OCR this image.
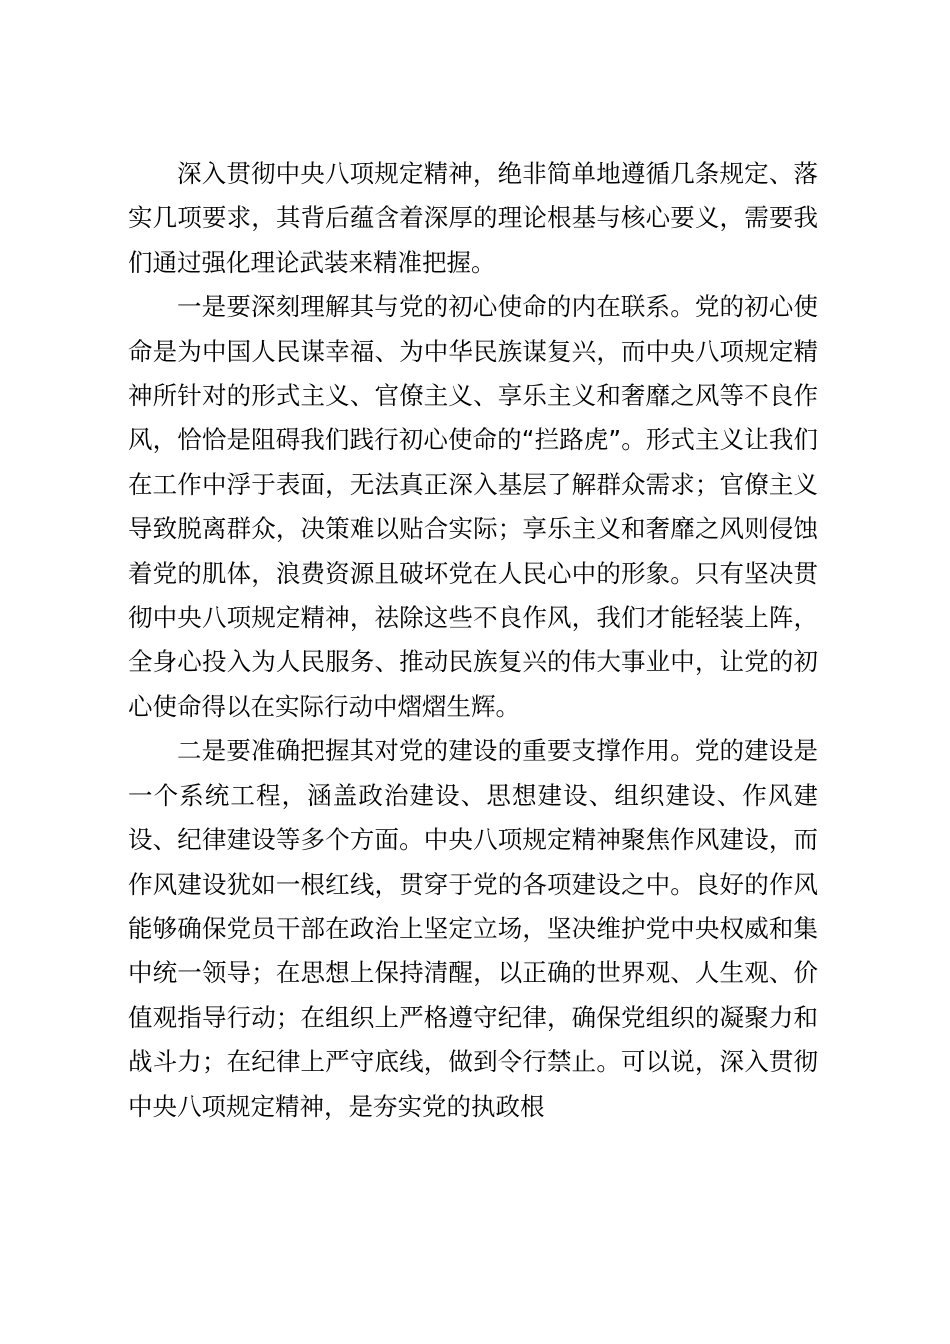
深入贯彻中央八项规定精神，绝非简单地遵循几条规定、落实几项要求，其背后蕴含着深厚的理论根基与核心要义，需要我们通过强化理论武装来精准把握。

一是要深刻理解其与党的初心使命的内在联系。党的初心使命是为中国人民谋幸福、为中华民族谋复兴，而中央八项规定精神所针对的形式主义、官僚主义、享乐主义和奢靡之风等不良作风，恰恰是阻碍我们践行初心使命的“拦路虎”。形式主义让我们在工作中浮于表面，无法真正深入基层了解群众需求；官僚主义导致脱离群众，决策难以贴合实际；享乐主义和奢靡之风则侵蚀着党的肌体，浪费资源且破坏党在人民心中的形象。只有坚决贯彻中央八项规定精神，祛除这些不良作风，我们才能轻装上阵，全身心投入为人民服务、推动民族复兴的伟大事业中，让党的初心使命得以在实际行动中熠熠生辉。

二是要准确把握其对党的建设的重要支撑作用。党的建设是一个系统工程，涵盖政治建设、思想建设、组织建设、作风建设、纪律建设等多个方面。中央八项规定精神聚焦作风建设，而作风建设犹如一根红线，贯穿于党的各项建设之中。良好的作风能够确保党员干部在政治上坚定立场，坚决维护党中央权威和集中统一领导；在思想上保持清醒，以正确的世界观、人生观、价值观指导行动；在组织上严格遵守纪律，确保党组织的凝聚力和战斗力；在纪律上严守底线，做到令行禁止。可以说，深入贯彻中央八项规定精神，是夯实党的执政根
